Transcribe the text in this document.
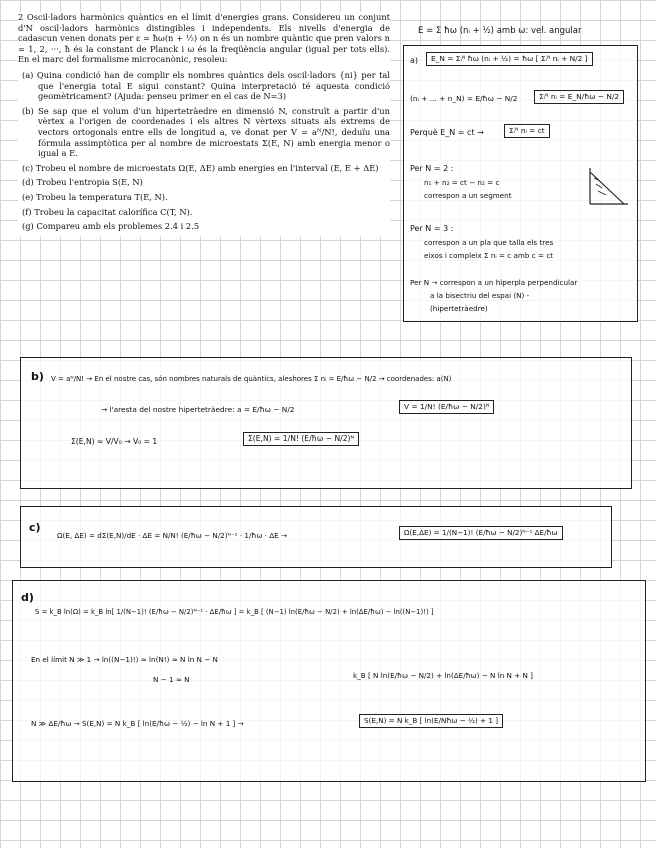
2 Oscil·ladors harmònics quàntics en el límit d'energies grans. Considereu un conjunt d'N oscil·ladors harmònics distingibles i independents. Els nivells d'energia de cadascun venen donats per ε = ħω(n + ½) on n és un nombre quàntic que pren valors n = 1, 2, ···, ħ és la constant de Planck i ω és la freqüència angular (igual per tots ells). En el marc del formalisme microcanònic, resoleu:

(a) Quina condició han de complir els nombres quàntics dels oscil·ladors {ni} per tal que l'energia total E sigui constant? Quina interpretació té aquesta condició geomètricament? (Ajuda: penseu primer en el cas de N=3)
(b) Se sap que el volum d'un hipertetràedre en dimensió N, construït a partir d'un vèrtex a l'origen de coordenades i els altres N vèrtexs situats als extrems de vectors ortogonals entre ells de longitud a, ve donat per V = aᴺ/N!, deduïu una fórmula assimptòtica per al nombre de microestats Σ(E, N) amb energia menor o igual a E.
(c) Trobeu el nombre de microestats Ω(E, ΔE) amb energies en l'interval (E, E + ΔE)
(d) Trobeu l'entropia S(E, N)
(e) Trobeu la temperatura T(E, N).
(f) Trobeu la capacitat calorífica C(T, N).
(g) Compareu amb els problemes 2.4 i 2.5
E = Σ ħω (nᵢ + ½) amb ω: vel. angular
a)	E_N = Σᵢᴺ ħω (nᵢ + ½) = ħω [ Σᵢᴺ nᵢ + N/2 ]
(nᵢ + ... + n_N) = E/ħω − N/2	Σᵢᴺ nᵢ = E_N/ħω − N/2
Perquè E_N = ct →	Σᵢᴺ nᵢ = ct
Per N = 2 :
n₁ + n₂ = ct − n₂ = c
correspon a un segment
Per N = 3 :
correspon a un pla que talla els tres
eixos i compleix Σ nᵢ = c amb c = ct
Per N → correspon a un hiperpla perpendicular
a la bisectriu del espai (N) -
(hipertetràedre)
b) V = aᴺ/N! → En el nostre cas, són nombres naturals de quàntics, aleshores Σ nᵢ = E/ħω − N/2 → coordenades: a(N)
→ l'aresta del nostre hipertetràedre: a = E/ħω − N/2	V = 1/N! (E/ħω − N/2)ᴺ
Σ(E,N) ≈ V/V₀ → V₀ = 1	Σ(E,N) = 1/N! (E/ħω − N/2)ᴺ
c)
Ω(E, ΔE) = dΣ(E,N)/dE · ΔE = N/N! (E/ħω − N/2)ᴺ⁻¹ · 1/ħω · ΔE →	Ω(E,ΔE) = 1/(N−1)! (E/ħω − N/2)ᴺ⁻¹ ΔE/ħω
d)
S = k_B ln(Ω) = k_B ln[ 1/(N−1)! (E/ħω − N/2)ᴺ⁻¹ · ΔE/ħω ] = k_B [ (N−1) ln(E/ħω − N/2) + ln(ΔE/ħω) − ln((N−1)!) ]
En el límit N ≫ 1 → ln((N−1)!) ≈ ln(N!) ≈ N ln N − N
N − 1 ≈ N	k_B [ N ln(E/ħω − N/2) + ln(ΔE/ħω) − N ln N + N ]
N ≫ ΔE/ħω → S(E,N) = N k_B [ ln(E/ħω − ½) − ln N + 1 ] →	S(E,N) = N k_B [ ln(E/Nħω − ½) + 1 ]
